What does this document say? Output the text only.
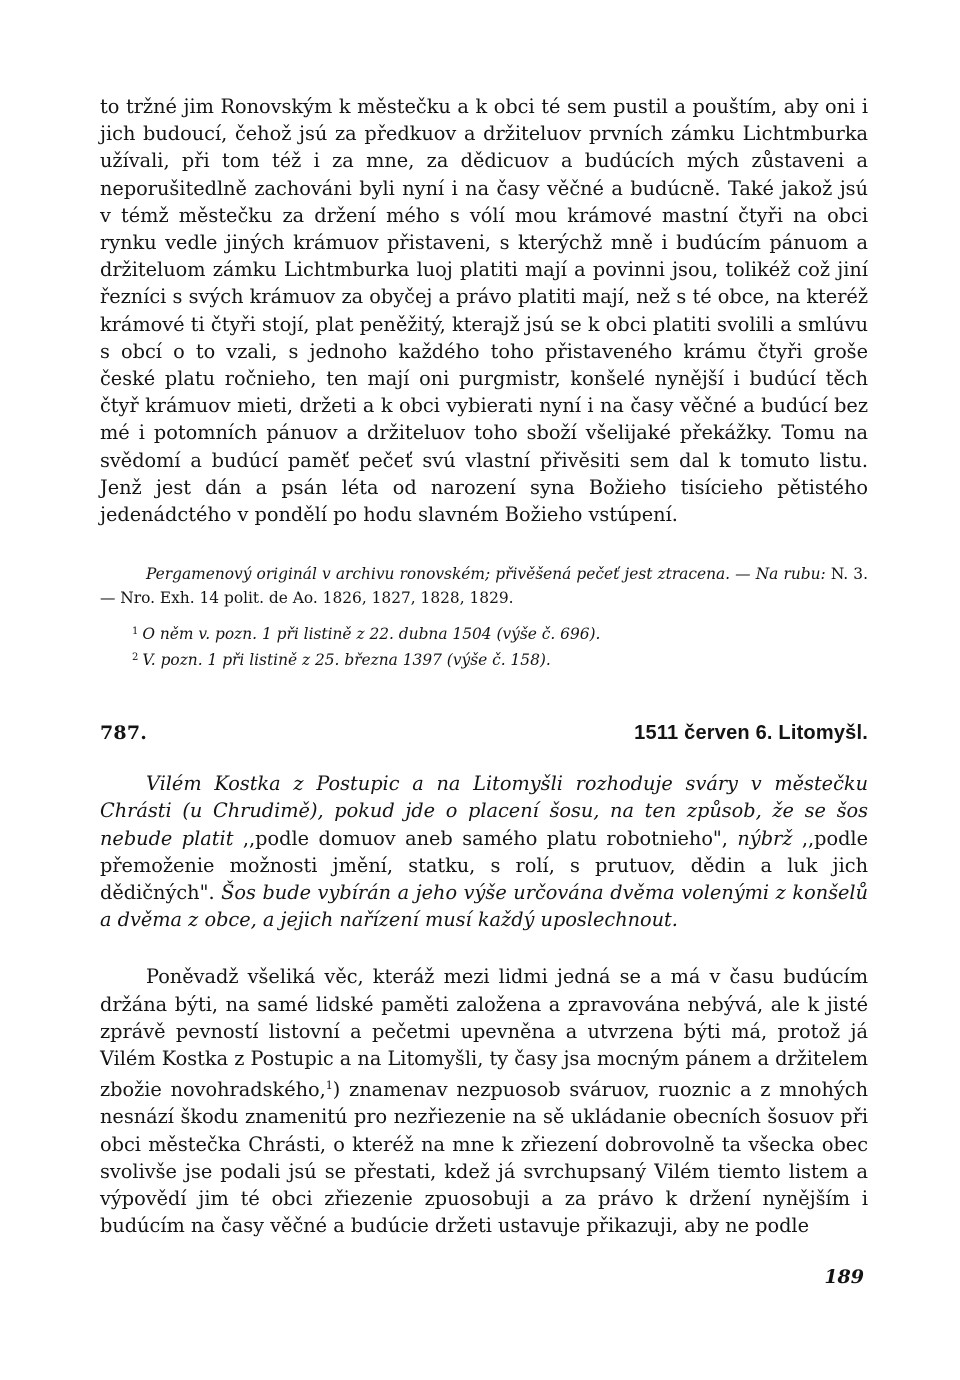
to tržné jim Ronovským k městečku a k obci té sem pustil a pouštím, aby oni i jich budoucí, čehož jsú za předkuov a držiteluov prvních zámku Lichtmburka užívali, při tom též i za mne, za dědicuov a budúcích mých zůstaveni a neporušitedlně zachováni byli nyní i na časy věčné a budúcně. Také jakož jsú v témž městečku za držení mého s vólí mou krámové mastní čtyři na obci rynku vedle jiných krámuov přistaveni, s kterýchž mně i budúcím pánuom a držiteluom zámku Lichtmburka luoj platiti mají a povinni jsou, tolikéž což jiní řezníci s svých krámuov za obyčej a právo platiti mají, než s té obce, na kteréž krámové ti čtyři stojí, plat peněžitý, kterajž jsú se k obci platiti svolili a smlúvu s obcí o to vzali, s jednoho každého toho přistaveného krámu čtyři groše české platu ročnieho, ten mají oni purgmistr, konšelé nynější i budúcí těch čtyř krámuov mieti, držeti a k obci vybierati nyní i na časy věčné a budúcí bez mé i potomních pánuov a držiteluov toho sboží všelijaké překážky. Tomu na svědomí a budúcí paměť pečeť svú vlastní přivěsiti sem dal k tomuto listu. Jenž jest dán a psán léta od narození syna Božieho tisícieho pětistého jedenádctého v pondělí po hodu slavném Božieho vstúpení.

Pergamenový originál v archivu ronovském; přivěšená pečeť jest ztracena. — Na rubu: N. 3. — Nro. Exh. 14 polit. de Ao. 1826, 1827, 1828, 1829.

$^1$ O něm v. pozn. 1 při listině z 22. dubna 1504 (výše č. 696).

$^2$ V. pozn. 1 při listině z 25. března 1397 (výše č. 158).

787.	1511 červen 6. Litomyšl.

Vilém Kostka z Postupic a na Litomyšli rozhoduje sváry v městečku Chrásti (u Chrudimě), pokud jde o placení šosu, na ten způsob, že se šos nebude platit ,,podle domuov aneb samého platu robotnieho", nýbrž ,,podle přemoženie možnosti jmění, statku, s rolí, s prutuov, dědin a luk jich dědičných". Šos bude vybírán a jeho výše určována dvěma volenými z konšelů a dvěma z obce, a jejich nařízení musí každý uposlechnout.

Poněvadž všeliká věc, kteráž mezi lidmi jedná se a má v času budúcím držána býti, na samé lidské paměti založena a zpravována nebývá, ale k jisté zprávě pevností listovní a pečetmi upevněna a utvrzena býti má, protož já Vilém Kostka z Postupic a na Litomyšli, ty časy jsa mocným pánem a držitelem zbožie novohradského,$^1$) znamenav nezpuosob sváruov, ruoznic a z mnohých nesnází škodu znamenitú pro nezřiezenie na sě ukládanie obecních šosuov při obci městečka Chrásti, o kteréž na mne k zřiezení dobrovolně ta všecka obec svolivše jse podali jsú se přestati, kdež já svrchupsaný Vilém tiemto listem a výpovědí jim té obci zřiezenie zpuosobuji a za právo k držení nynějším i budúcím na časy věčné a budúcie držeti ustavuje přikazuji, aby ne podle

189
